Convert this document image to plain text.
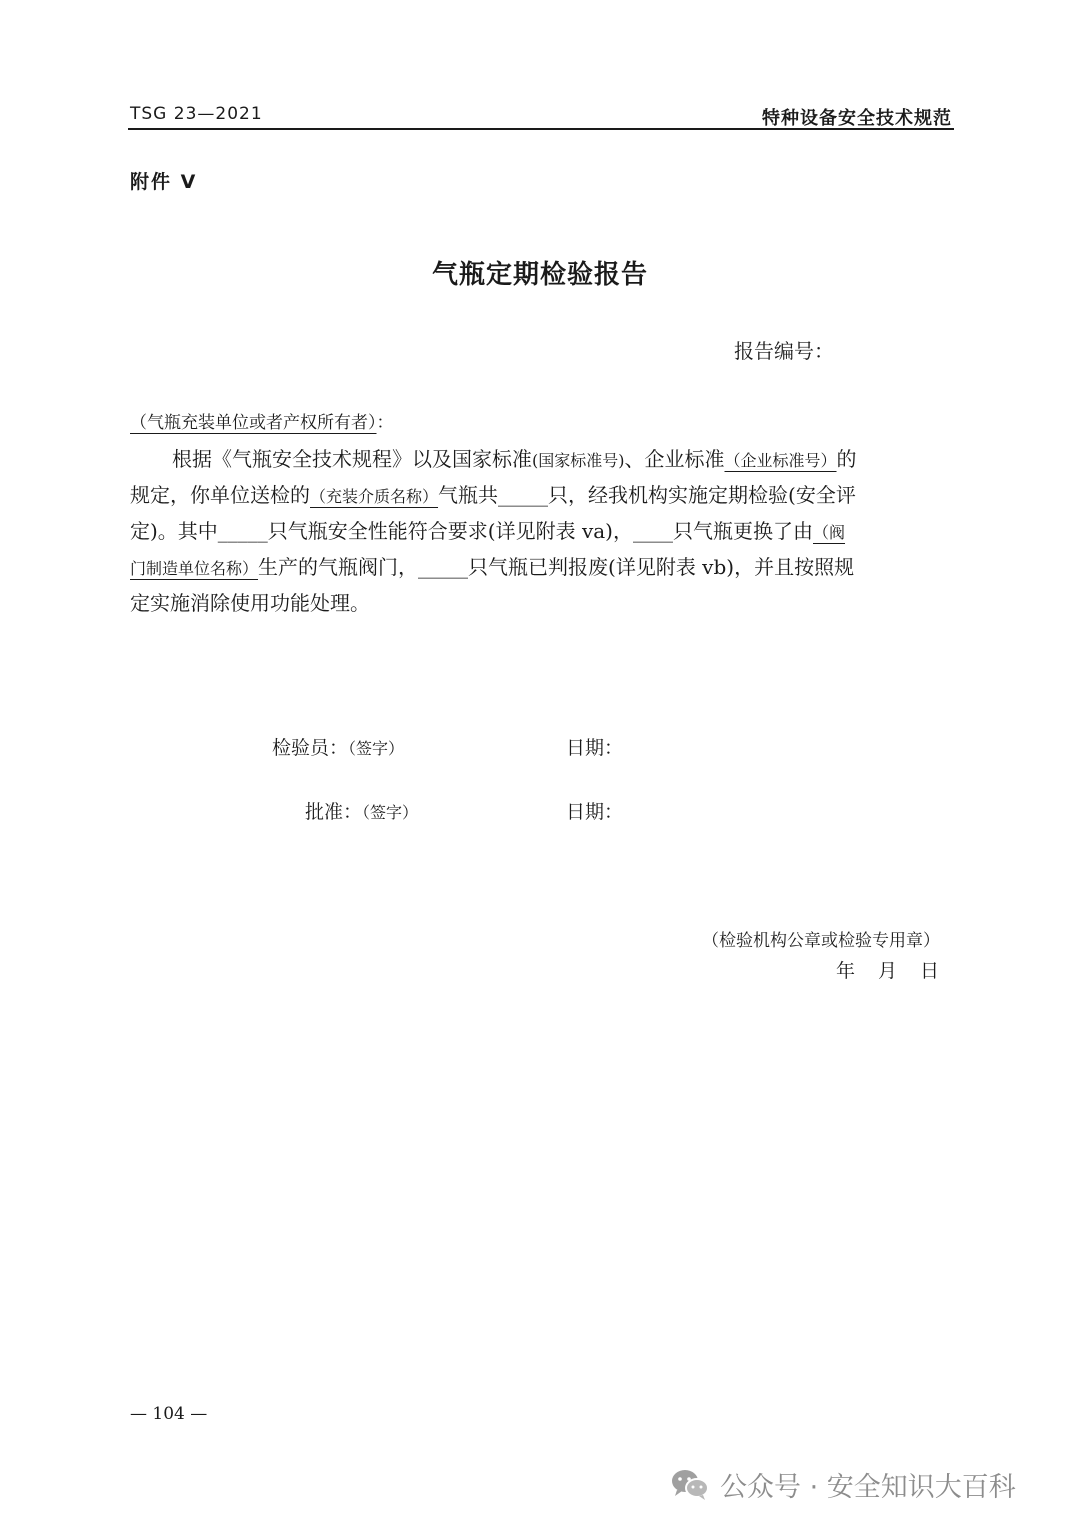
TSG 23—2021	特种设备安全技术规范
附件 V
气瓶定期检验报告
报告编号：
（气瓶充装单位或者产权所有者）：
根据《气瓶安全技术规程》以及国家标准(国家标准号)、企业标准（企业标准号）的
规定，你单位送检的（充装介质名称）气瓶共_____只，经我机构实施定期检验(安全评
定)。其中_____只气瓶安全性能符合要求(详见附表 va)，____只气瓶更换了由（阀
门制造单位名称）生产的气瓶阀门，_____只气瓶已判报废(详见附表 vb)，并且按照规
定实施消除使用功能处理。
检验员：（签字）	日期：
批准：（签字）	日期：
（检验机构公章或检验专用章）
年　月　日
— 104 —
公众号 · 安全知识大百科
